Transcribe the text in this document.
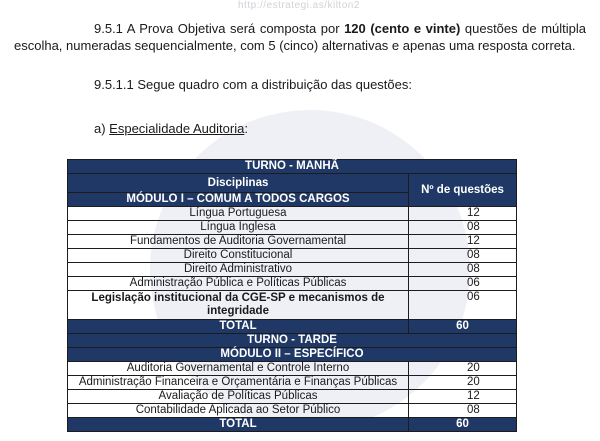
http://estrategi.as/kilton2

9.5.1 A Prova Objetiva será composta por 120 (cento e vinte) questões de múltipla escolha, numeradas sequencialmente, com 5 (cinco) alternativas e apenas uma resposta correta.

9.5.1.1 Segue quadro com a distribuição das questões:

a) Especialidade Auditoria:

TURNO - MANHÃ	
Disciplinas	Nº de questões
MÓDULO I – COMUM A TODOS CARGOS	
Língua Portuguesa	12
Língua Inglesa	08
Fundamentos de Auditoria Governamental	12
Direito Constitucional	08
Direito Administrativo	08
Administração Pública e Políticas Públicas	06
Legislação institucional da CGE-SP e mecanismos de integridade	06
TOTAL	60
TURNO - TARDE	
MÓDULO II – ESPECÍFICO	
Auditoria Governamental e Controle Interno	20
Administração Financeira e Orçamentária e Finanças Públicas	20
Avaliação de Políticas Públicas	12
Contabilidade Aplicada ao Setor Público	08
TOTAL	60
